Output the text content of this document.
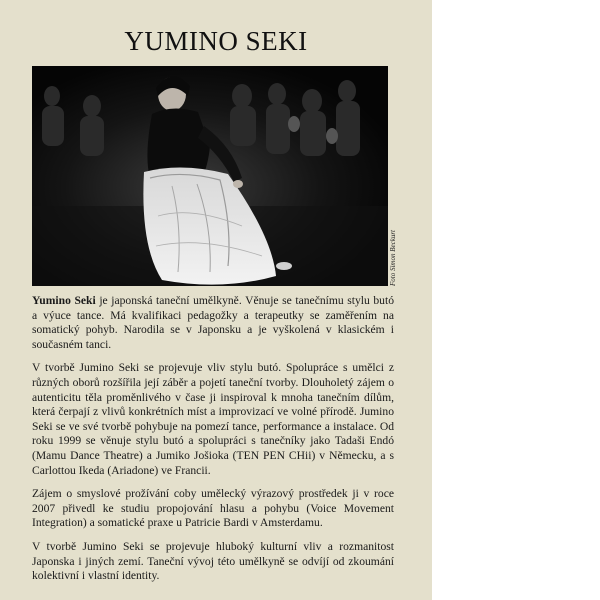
YUMINO SEKI
Foto Simon Beckurt

Yumino Seki je japonská taneční umělkyně. Věnuje se tanečnímu stylu butó a výuce tance. Má kvalifikaci pedagožky a terapeutky se zaměřením na somatický pohyb. Narodila se v Japonsku a je vyškolená v klasickém i současném tanci.

V tvorbě Jumino Seki se projevuje vliv stylu butó. Spolupráce s umělci z různých oborů rozšířila její záběr a pojetí taneční tvorby. Dlouholetý zájem o autenticitu těla proměnlivého v čase ji inspiroval k mnoha tanečním dílům, která čerpají z vlivů konkrétních míst a improvizací ve volné přírodě. Jumino Seki se ve své tvorbě pohybuje na pomezí tance, performance a instalace. Od roku 1999 se věnuje stylu butó a spolupráci s tanečníky jako Tadaši Endó (Mamu Dance Theatre) a Jumiko Jošioka (TEN PEN CHii) v Německu, a s Carlottou Ikeda (Ariadone) ve Francii.

Zájem o smyslové prožívání coby umělecký výrazový prostředek ji v roce 2007 přivedl ke studiu propojování hlasu a pohybu (Voice Movement Integration) a somatické praxe u Patricie Bardi v Amsterdamu.

V tvorbě Jumino Seki se projevuje hluboký kulturní vliv a rozmanitost Japonska i jiných zemí. Taneční vývoj této umělkyně se odvíjí od zkoumání kolektivní i vlastní identity.
